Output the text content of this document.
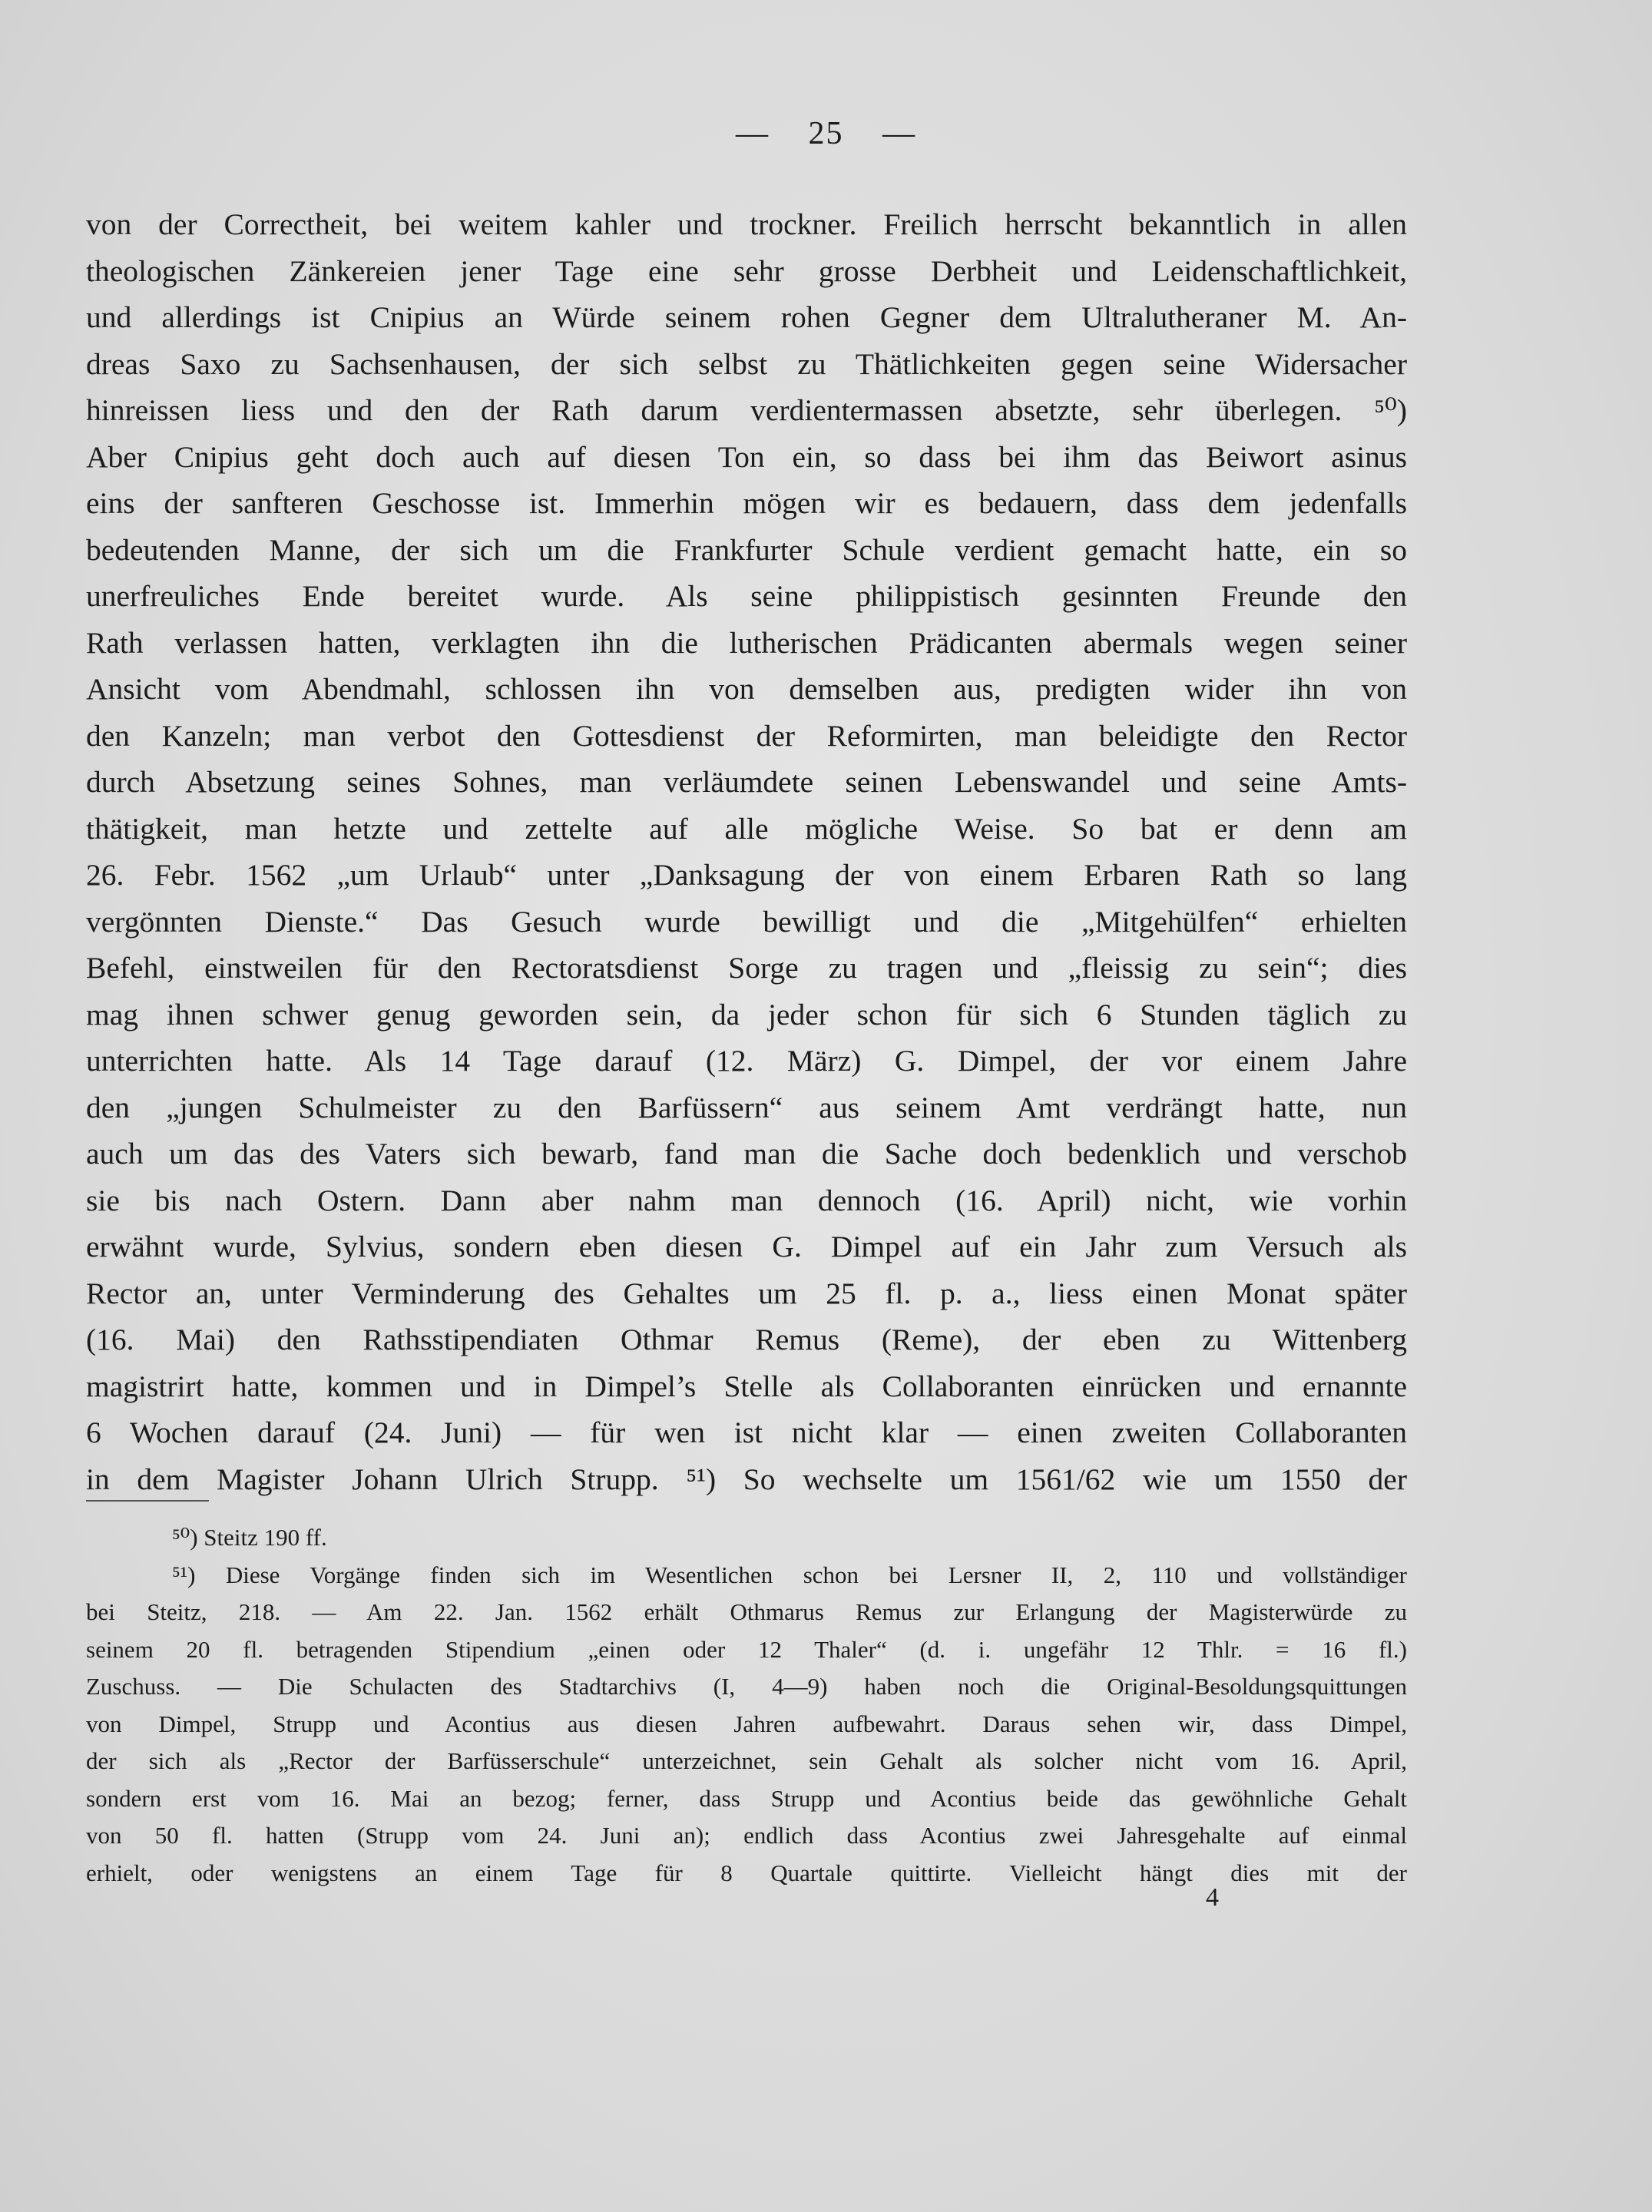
— 25 —
von der Correctheit, bei weitem kahler und trockner. Freilich herrscht bekanntlich in allen
theologischen Zänkereien jener Tage eine sehr grosse Derbheit und Leidenschaftlichkeit,
und allerdings ist Cnipius an Würde seinem rohen Gegner dem Ultralutheraner M. An-
dreas Saxo zu Sachsenhausen, der sich selbst zu Thätlichkeiten gegen seine Widersacher
hinreissen liess und den der Rath darum verdientermassen absetzte, sehr überlegen. ⁵⁰)
Aber Cnipius geht doch auch auf diesen Ton ein, so dass bei ihm das Beiwort asinus
eins der sanfteren Geschosse ist. Immerhin mögen wir es bedauern, dass dem jedenfalls
bedeutenden Manne, der sich um die Frankfurter Schule verdient gemacht hatte, ein so
unerfreuliches Ende bereitet wurde. Als seine philippistisch gesinnten Freunde den
Rath verlassen hatten, verklagten ihn die lutherischen Prädicanten abermals wegen seiner
Ansicht vom Abendmahl, schlossen ihn von demselben aus, predigten wider ihn von
den Kanzeln; man verbot den Gottesdienst der Reformirten, man beleidigte den Rector
durch Absetzung seines Sohnes, man verläumdete seinen Lebenswandel und seine Amts-
thätigkeit, man hetzte und zettelte auf alle mögliche Weise. So bat er denn am
26. Febr. 1562 „um Urlaub“ unter „Danksagung der von einem Erbaren Rath so lang
vergönnten Dienste.“ Das Gesuch wurde bewilligt und die „Mitgehülfen“ erhielten
Befehl, einstweilen für den Rectoratsdienst Sorge zu tragen und „fleissig zu sein“; dies
mag ihnen schwer genug geworden sein, da jeder schon für sich 6 Stunden täglich zu
unterrichten hatte. Als 14 Tage darauf (12. März) G. Dimpel, der vor einem Jahre
den „jungen Schulmeister zu den Barfüssern“ aus seinem Amt verdrängt hatte, nun
auch um das des Vaters sich bewarb, fand man die Sache doch bedenklich und verschob
sie bis nach Ostern. Dann aber nahm man dennoch (16. April) nicht, wie vorhin
erwähnt wurde, Sylvius, sondern eben diesen G. Dimpel auf ein Jahr zum Versuch als
Rector an, unter Verminderung des Gehaltes um 25 fl. p. a., liess einen Monat später
(16. Mai) den Rathsstipendiaten Othmar Remus (Reme), der eben zu Wittenberg
magistrirt hatte, kommen und in Dimpel’s Stelle als Collaboranten einrücken und ernannte
6 Wochen darauf (24. Juni) — für wen ist nicht klar — einen zweiten Collaboranten
in dem Magister Johann Ulrich Strupp. ⁵¹) So wechselte um 1561/62 wie um 1550 der
⁵⁰) Steitz 190 ff.
⁵¹) Diese Vorgänge finden sich im Wesentlichen schon bei Lersner II, 2, 110 und vollständiger
bei Steitz, 218. — Am 22. Jan. 1562 erhält Othmarus Remus zur Erlangung der Magisterwürde zu
seinem 20 fl. betragenden Stipendium „einen oder 12 Thaler“ (d. i. ungefähr 12 Thlr. = 16 fl.)
Zuschuss. — Die Schulacten des Stadtarchivs (I, 4—9) haben noch die Original-Besoldungsquittungen
von Dimpel, Strupp und Acontius aus diesen Jahren aufbewahrt. Daraus sehen wir, dass Dimpel,
der sich als „Rector der Barfüsserschule“ unterzeichnet, sein Gehalt als solcher nicht vom 16. April,
sondern erst vom 16. Mai an bezog; ferner, dass Strupp und Acontius beide das gewöhnliche Gehalt
von 50 fl. hatten (Strupp vom 24. Juni an); endlich dass Acontius zwei Jahresgehalte auf einmal
erhielt, oder wenigstens an einem Tage für 8 Quartale quittirte. Vielleicht hängt dies mit der
4
